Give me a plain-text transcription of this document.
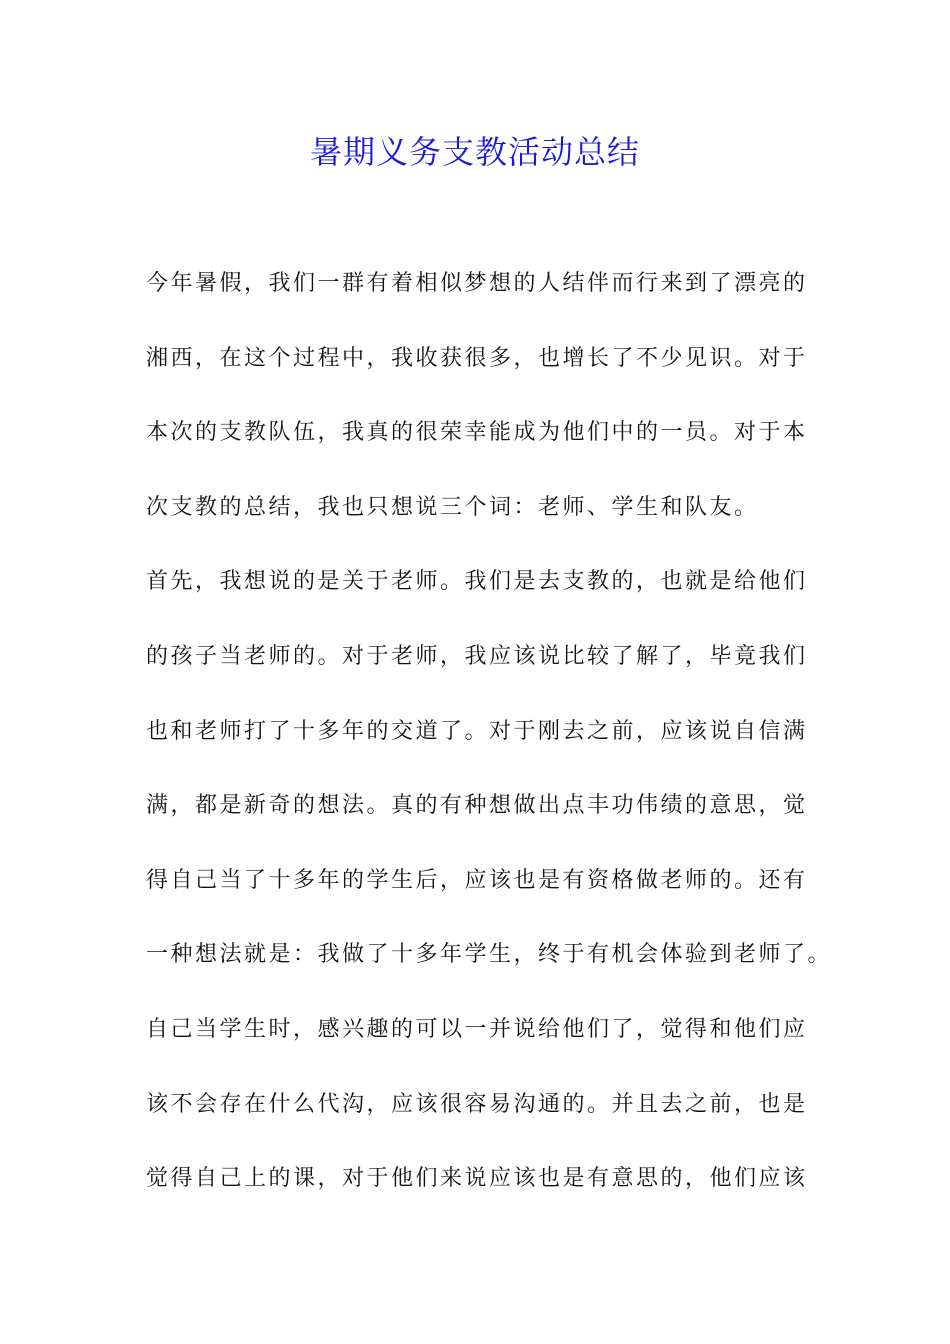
暑期义务支教活动总结

今年暑假，我们一群有着相似梦想的人结伴而行来到了漂亮的

湘西，在这个过程中，我收获很多，也增长了不少见识。对于

本次的支教队伍，我真的很荣幸能成为他们中的一员。对于本

次支教的总结，我也只想说三个词：老师、学生和队友。

首先，我想说的是关于老师。我们是去支教的，也就是给他们

的孩子当老师的。对于老师，我应该说比较了解了，毕竟我们

也和老师打了十多年的交道了。对于刚去之前，应该说自信满

满，都是新奇的想法。真的有种想做出点丰功伟绩的意思，觉

得自己当了十多年的学生后，应该也是有资格做老师的。还有

一种想法就是：我做了十多年学生，终于有机会体验到老师了。

自己当学生时，感兴趣的可以一并说给他们了，觉得和他们应

该不会存在什么代沟，应该很容易沟通的。并且去之前，也是

觉得自己上的课，对于他们来说应该也是有意思的，他们应该
